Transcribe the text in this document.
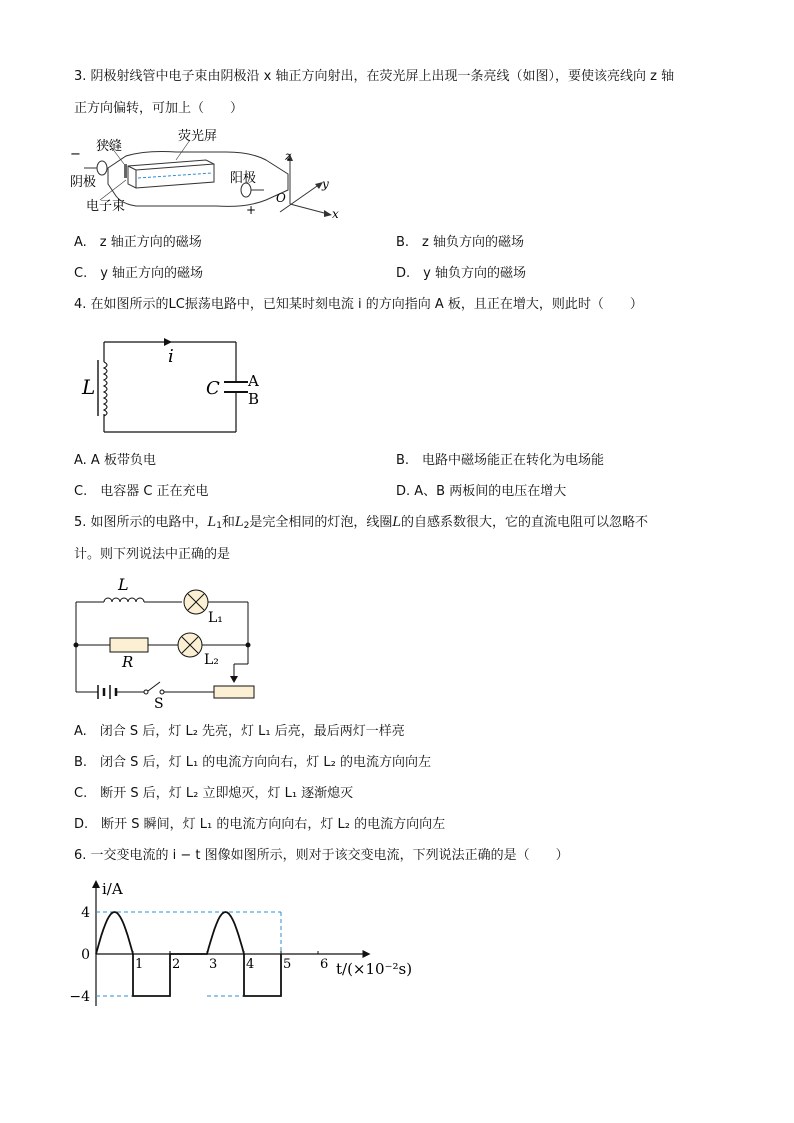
3. 阴极射线管中电子束由阴极沿 x 轴正方向射出，在荧光屏上出现一条亮线（如图），要使该亮线向 z 轴
正方向偏转，可加上（　　）
−
狭缝
荧光屏
阴极	阳极
电子束	+
z
y
x
O
A.　z 轴正方向的磁场	B.　z 轴负方向的磁场
C.　y 轴正方向的磁场	D.　y 轴负方向的磁场
4. 在如图所示的LC振荡电路中，已知某时刻电流 i 的方向指向 A 板，且正在增大，则此时（　　）
L
i
C A
B
A. A 板带负电	B.　电路中磁场能正在转化为电场能
C.　电容器 C 正在充电	D. A、B 两板间的电压在增大
5. 如图所示的电路中，$L_1$和$L_2$是完全相同的灯泡，线圈L的自感系数很大，它的直流电阻可以忽略不
计。则下列说法中正确的是
L
L₁
R	L₂
S
A.　闭合 S 后，灯 L₂ 先亮，灯 L₁ 后亮，最后两灯一样亮
B.　闭合 S 后，灯 L₁ 的电流方向向右，灯 L₂ 的电流方向向左
C.　断开 S 后，灯 L₂ 立即熄灭，灯 L₁ 逐渐熄灭
D.　断开 S 瞬间，灯 L₁ 的电流方向向右，灯 L₂ 的电流方向向左
6. 一交变电流的 i − t 图像如图所示，则对于该交变电流，下列说法正确的是（　　）
1 2 3 4 5 6
4
0
−4
i/A
t/(×10⁻²s)
